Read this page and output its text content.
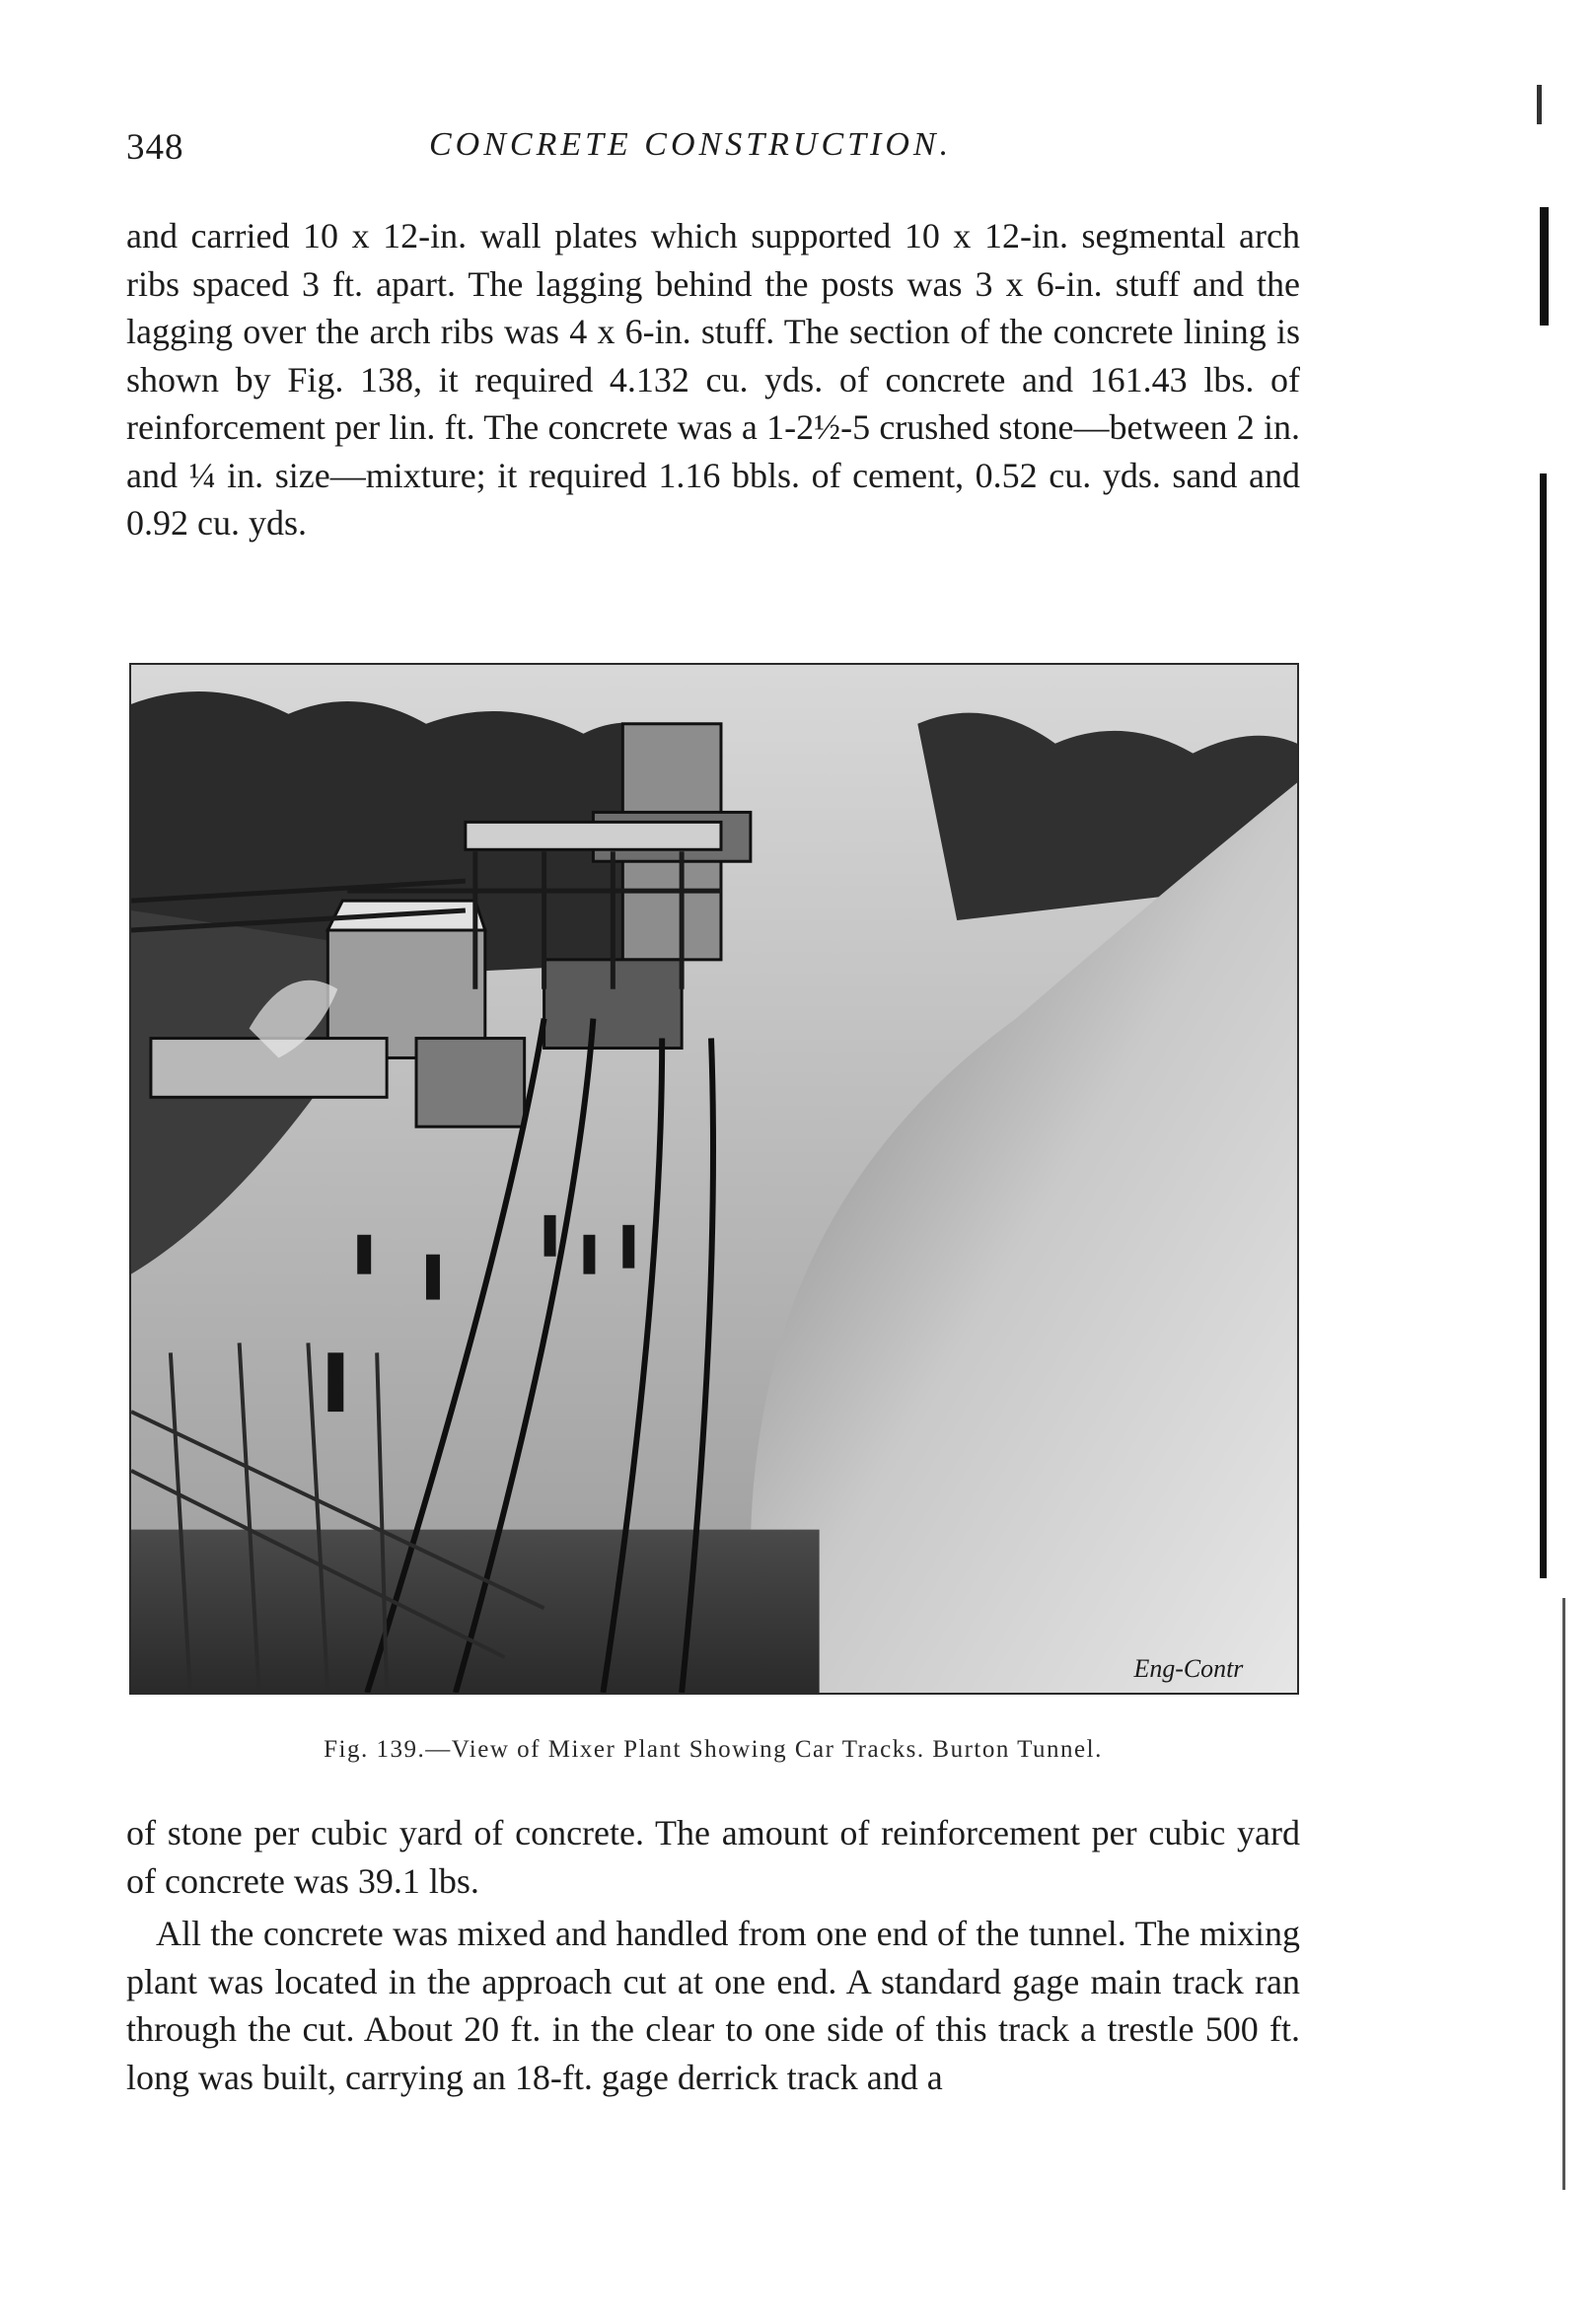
348	CONCRETE CONSTRUCTION.

and carried 10 x 12-in. wall plates which supported 10 x 12-in. segmental arch ribs spaced 3 ft. apart. The lagging behind the posts was 3 x 6-in. stuff and the lagging over the arch ribs was 4 x 6-in. stuff. The section of the concrete lining is shown by Fig. 138, it required 4.132 cu. yds. of concrete and 161.43 lbs. of reinforcement per lin. ft. The concrete was a 1-2½-5 crushed stone—between 2 in. and ¼ in. size—mixture; it required 1.16 bbls. of cement, 0.52 cu. yds. sand and 0.92 cu. yds.

Eng-Contr
Fig. 139.—View of Mixer Plant Showing Car Tracks. Burton Tunnel.

of stone per cubic yard of concrete. The amount of reinforcement per cubic yard of concrete was 39.1 lbs.

All the concrete was mixed and handled from one end of the tunnel. The mixing plant was located in the approach cut at one end. A standard gage main track ran through the cut. About 20 ft. in the clear to one side of this track a trestle 500 ft. long was built, carrying an 18-ft. gage derrick track and a
